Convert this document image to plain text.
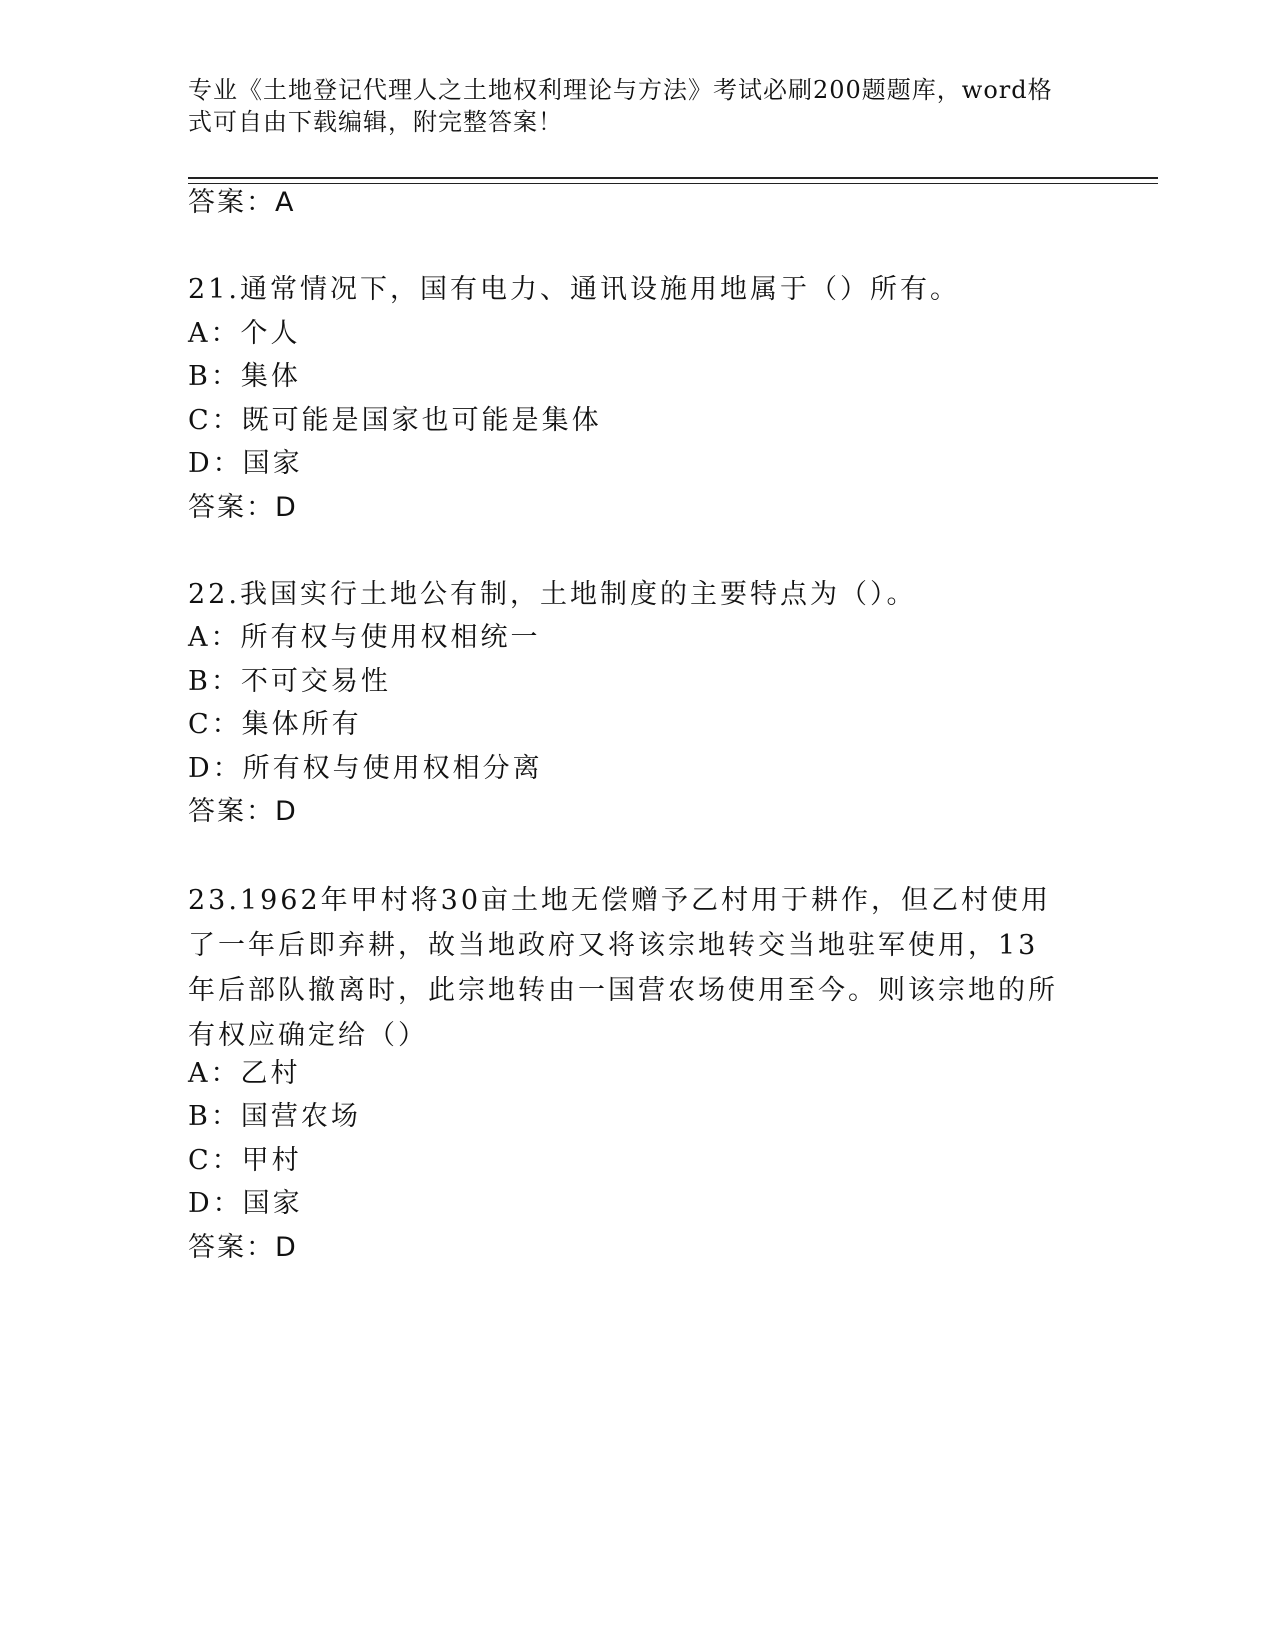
专业《土地登记代理人之土地权利理论与方法》考试必刷200题题库，word格式可自由下载编辑，附完整答案！
答案：A
21.通常情况下，国有电力、通讯设施用地属于（）所有。
A：个人
B：集体
C：既可能是国家也可能是集体
D：国家
答案：D
22.我国实行土地公有制，土地制度的主要特点为（）。
A：所有权与使用权相统一
B：不可交易性
C：集体所有
D：所有权与使用权相分离
答案：D
23.1962年甲村将30亩土地无偿赠予乙村用于耕作，但乙村使用了一年后即弃耕，故当地政府又将该宗地转交当地驻军使用，13年后部队撤离时，此宗地转由一国营农场使用至今。则该宗地的所有权应确定给（）
A：乙村
B：国营农场
C：甲村
D：国家
答案：D
